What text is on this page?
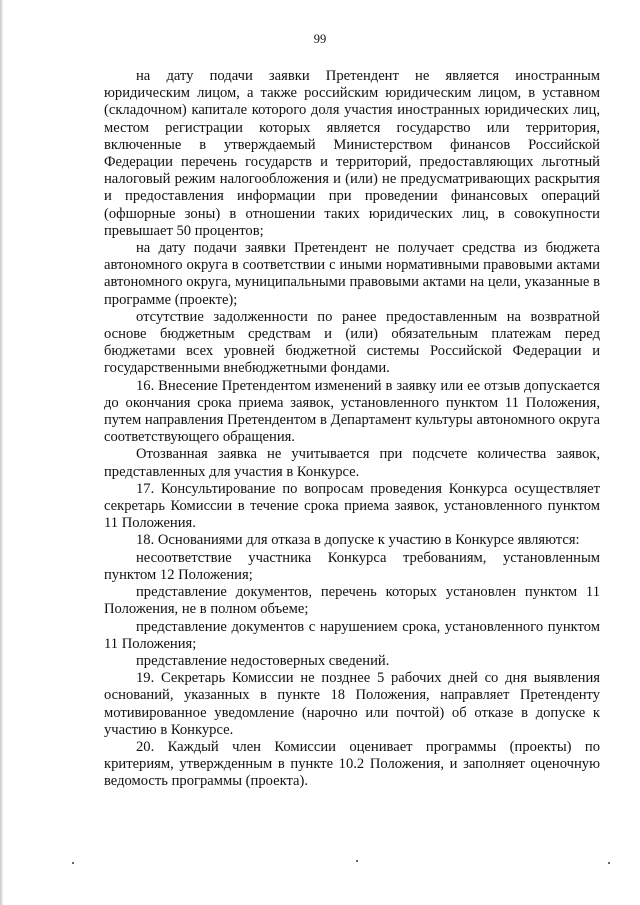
99

на дату подачи заявки Претендент не является иностранным юридическим лицом, а также российским юридическим лицом, в уставном (складочном) капитале которого доля участия иностранных юридических лиц, местом регистрации которых является государство или территория, включенные в утверждаемый Министерством финансов Российской Федерации перечень государств и территорий, предоставляющих льготный налоговый режим налогообложения и (или) не предусматривающих раскрытия и предоставления информации при проведении финансовых операций (офшорные зоны) в отношении таких юридических лиц, в совокупности превышает 50 процентов;

на дату подачи заявки Претендент не получает средства из бюджета автономного округа в соответствии с иными нормативными правовыми актами автономного округа, муниципальными правовыми актами на цели, указанные в программе (проекте);

отсутствие задолженности по ранее предоставленным на возвратной основе бюджетным средствам и (или) обязательным платежам перед бюджетами всех уровней бюджетной системы Российской Федерации и государственными внебюджетными фондами.

16. Внесение Претендентом изменений в заявку или ее отзыв допускается до окончания срока приема заявок, установленного пунктом 11 Положения, путем направления Претендентом в Департамент культуры автономного округа соответствующего обращения.

Отозванная заявка не учитывается при подсчете количества заявок, представленных для участия в Конкурсе.

17. Консультирование по вопросам проведения Конкурса осуществляет секретарь Комиссии в течение срока приема заявок, установленного пунктом 11 Положения.

18. Основаниями для отказа в допуске к участию в Конкурсе являются:

несоответствие участника Конкурса требованиям, установленным пунктом 12 Положения;

представление документов, перечень которых установлен пунктом 11 Положения, не в полном объеме;

представление документов с нарушением срока, установленного пунктом 11 Положения;

представление недостоверных сведений.

19. Секретарь Комиссии не позднее 5 рабочих дней со дня выявления оснований, указанных в пункте 18 Положения, направляет Претенденту мотивированное уведомление (нарочно или почтой) об отказе в допуске к участию в Конкурсе.

20. Каждый член Комиссии оценивает программы (проекты) по критериям, утвержденным в пункте 10.2 Положения, и заполняет оценочную ведомость программы (проекта).
